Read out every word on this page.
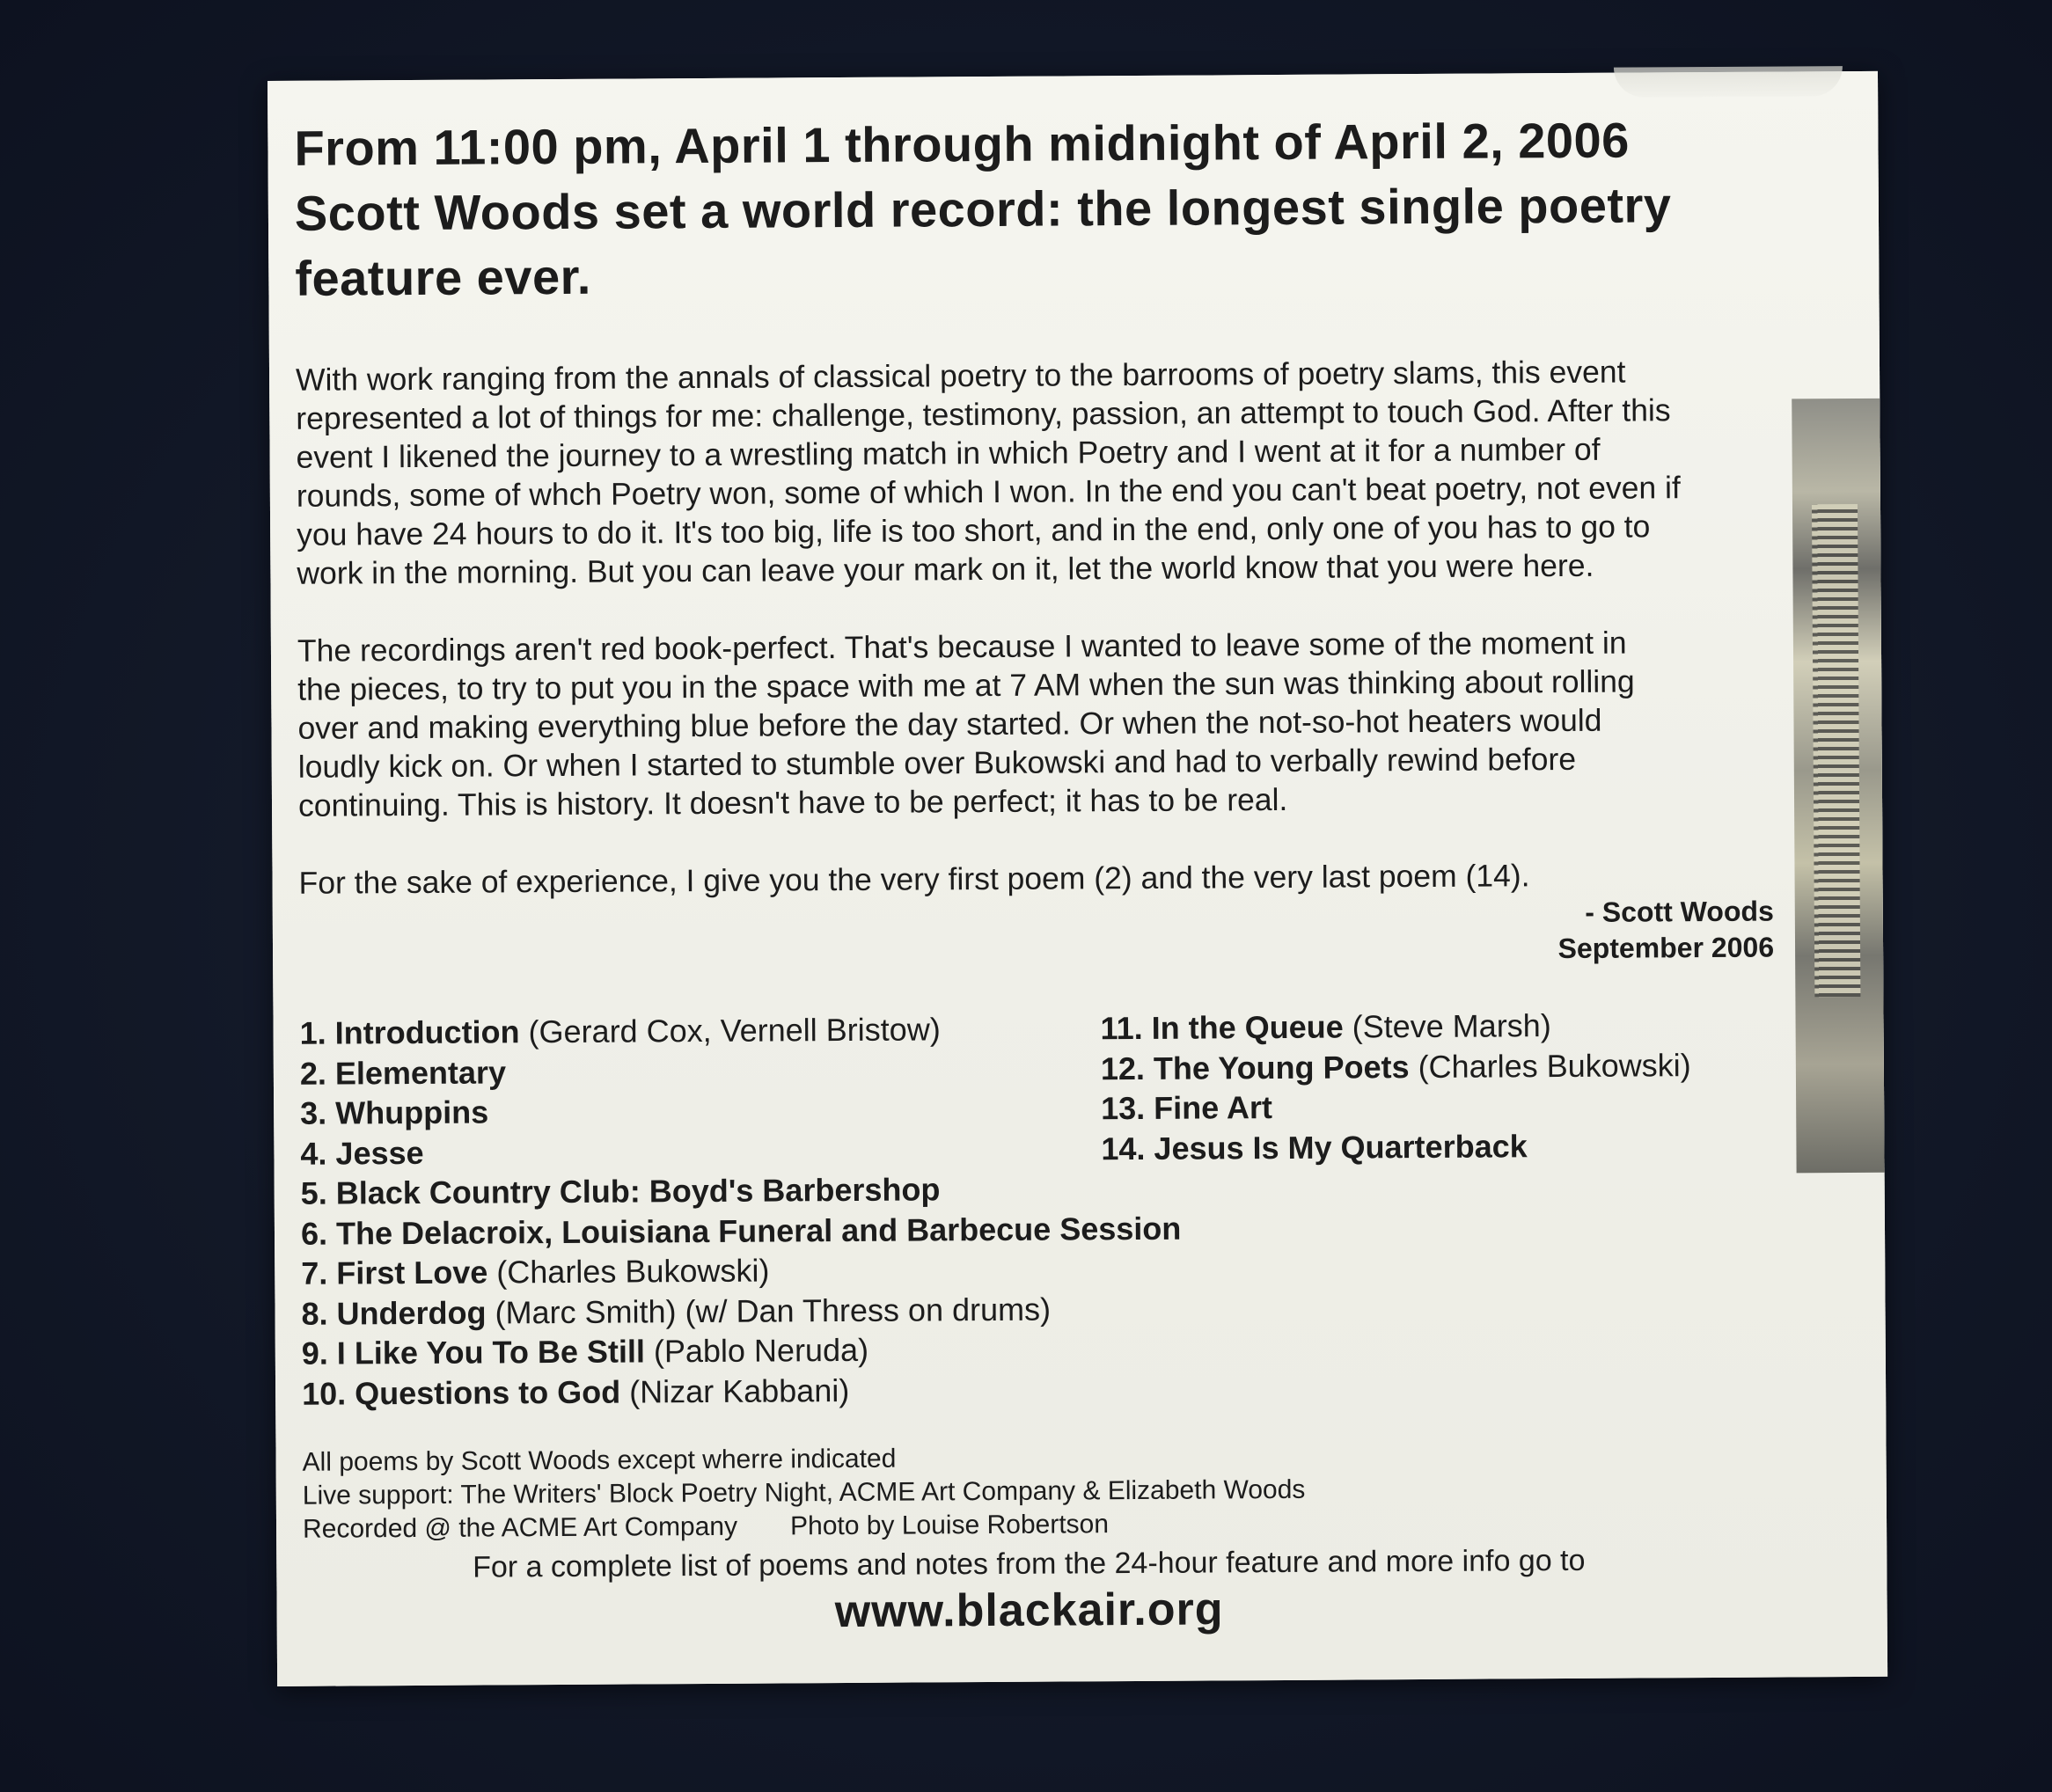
From 11:00 pm, April 1 through midnight of April 2, 2006
Scott Woods set a world record: the longest single poetry
feature ever.
With work ranging from the annals of classical poetry to the barrooms of poetry slams, this event
represented a lot of things for me: challenge, testimony, passion, an attempt to touch God. After this
event I likened the journey to a wrestling match in which Poetry and I went at it for a number of
rounds, some of whch Poetry won, some of which I won. In the end you can't beat poetry, not even if
you have 24 hours to do it. It's too big, life is too short, and in the end, only one of you has to go to
work in the morning. But you can leave your mark on it, let the world know that you were here.
The recordings aren't red book-perfect. That's because I wanted to leave some of the moment in
the pieces, to try to put you in the space with me at 7 AM when the sun was thinking about rolling
over and making everything blue before the day started. Or when the not-so-hot heaters would
loudly kick on. Or when I started to stumble over Bukowski and had to verbally rewind before
continuing. This is history. It doesn't have to be perfect; it has to be real.
For the sake of experience, I give you the very first poem (2) and the very last poem (14).
- Scott Woods
September 2006
1. Introduction (Gerard Cox, Vernell Bristow)
2. Elementary
3. Whuppins
4. Jesse
5. Black Country Club: Boyd's Barbershop
6. The Delacroix, Louisiana Funeral and Barbecue Session
7. First Love (Charles Bukowski)
8. Underdog (Marc Smith) (w/ Dan Thress on drums)
9. I Like You To Be Still (Pablo Neruda)
10. Questions to God (Nizar Kabbani)
11. In the Queue (Steve Marsh)
12. The Young Poets (Charles Bukowski)
13. Fine Art
14. Jesus Is My Quarterback
All poems by Scott Woods except wherre indicated
Live support: The Writers' Block Poetry Night, ACME Art Company & Elizabeth Woods
Recorded @ the ACME Art Company Photo by Louise Robertson
For a complete list of poems and notes from the 24-hour feature and more info go to
www.blackair.org
